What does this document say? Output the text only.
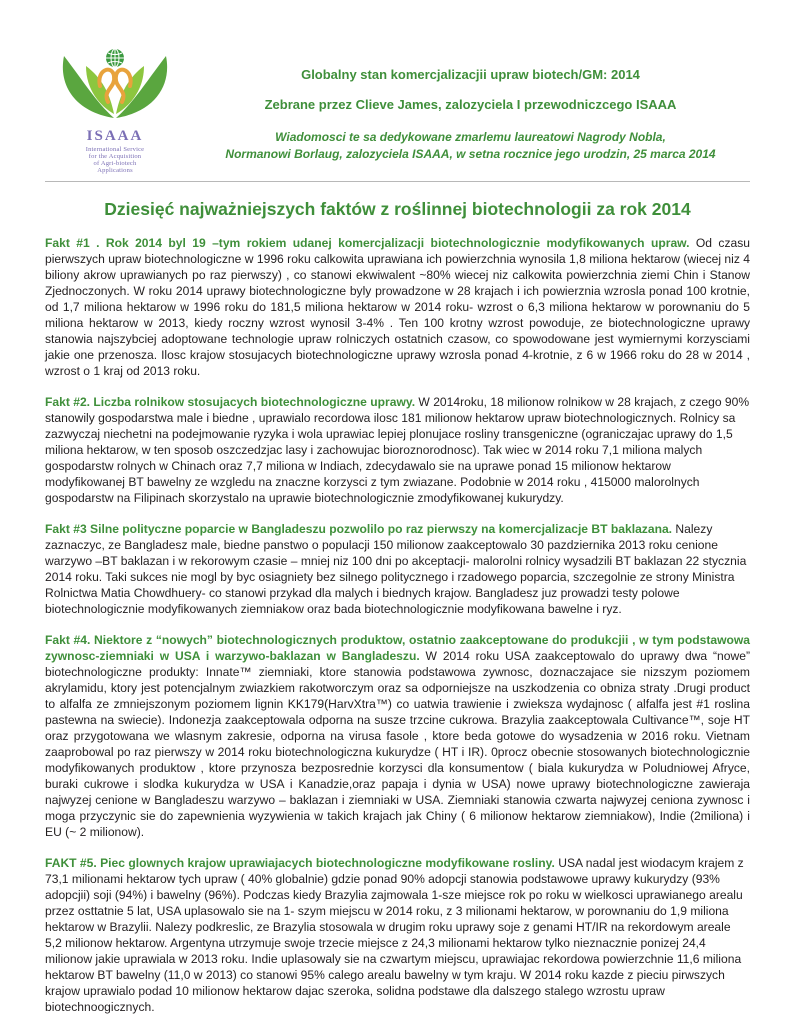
ISAAA
International Service
for the Acquisition
of Agri-biotech
Applications
Globalny stan komercjalizacjii upraw biotech/GM: 2014
Zebrane przez Clieve James, zalozyciela I przewodniczcego ISAAA
Wiadomosci te sa dedykowane zmarlemu laureatowi Nagrody Nobla,
Normanowi Borlaug, zalozyciela ISAAA, w setna rocznice jego urodzin, 25 marca 2014
Dziesięć najważniejszych faktów z roślinnej biotechnologii za rok 2014

Fakt #1 . Rok 2014 byl 19 –tym rokiem udanej komercjalizacji biotechnologicznie modyfikowanych upraw. Od czasu pierwszych upraw biotechnologiczne w 1996 roku calkowita uprawiana ich powierzchnia wynosila 1,8 miliona hektarow (wiecej niz 4 biliony akrow uprawianych po raz pierwszy) , co stanowi ekwiwalent ~80% wiecej niz calkowita powierzchnia ziemi Chin i Stanow Zjednoczonych. W roku 2014 uprawy biotechnologiczne byly prowadzone w 28 krajach i ich powierznia wzrosla ponad 100 krotnie, od 1,7 miliona hektarow w 1996 roku do 181,5 miliona hektarow w 2014 roku- wzrost o 6,3 miliona hektarow w porownaniu do 5 miliona hektarow w 2013, kiedy roczny wzrost wynosil 3-4% . Ten 100 krotny wzrost powoduje, ze biotechnologiczne uprawy stanowia najszybciej adoptowane technologie upraw rolniczych ostatnich czasow, co spowodowane jest wymiernymi korzysciami jakie one przenosza. Ilosc krajow stosujacych biotechnologiczne uprawy wzrosla ponad 4-krotnie, z 6 w 1966 roku do 28 w 2014 , wzrost o 1 kraj od 2013 roku.

Fakt #2. Liczba rolnikow stosujacych biotechnologiczne uprawy. W 2014roku, 18 milionow rolnikow w 28 krajach, z czego 90% stanowily gospodarstwa male i biedne , uprawialo recordowa ilosc 181 milionow hektarow upraw biotechnologicznych. Rolnicy sa zazwyczaj niechetni na podejmowanie ryzyka i wola uprawiac lepiej plonujace rosliny transgeniczne (ograniczajac uprawy do 1,5 miliona hektarow, w ten sposob oszczedzjac lasy i zachowujac bioroznorodnosc). Tak wiec w 2014 roku 7,1 miliona malych gospodarstw rolnych w Chinach oraz 7,7 miliona w Indiach, zdecydawalo sie na uprawe ponad 15 milionow hektarow modyfikowanej BT bawelny ze wzgledu na znaczne korzysci z tym zwiazane. Podobnie w 2014 roku , 415000 malorolnych gospodarstw na Filipinach skorzystalo na uprawie biotechnologicznie zmodyfikowanej kukurydzy.

Fakt #3 Silne polityczne poparcie w Bangladeszu pozwolilo po raz pierwszy na komercjalizacje BT baklazana. Nalezy zaznaczyc, ze Bangladesz male, biedne panstwo o populacji 150 milionow zaakceptowalo 30 pazdziernika 2013 roku cenione warzywo –BT baklazan i w rekorowym czasie – mniej niz 100 dni po akceptacji- malorolni rolnicy wysadzili BT baklazan 22 stycznia 2014 roku. Taki sukces nie mogl by byc osiagniety bez silnego politycznego i rzadowego poparcia, szczegolnie ze strony Ministra Rolnictwa Matia Chowdhuery- co stanowi przykad dla malych i biednych krajow. Bangladesz juz prowadzi testy polowe biotechnologicznie modyfikowanych ziemniakow oraz bada biotechnologicznie modyfikowana bawelne i ryz.

Fakt #4. Niektore z “nowych” biotechnologicznych produktow, ostatnio zaakceptowane do produkcjii , w tym podstawowa zywnosc-ziemniaki w USA i warzywo-baklazan w Bangladeszu. W 2014 roku USA zaakceptowalo do uprawy dwa “nowe” biotechnologiczne produkty: Innate™ ziemniaki, ktore stanowia podstawowa zywnosc, doznaczajace sie nizszym poziomem akrylamidu, ktory jest potencjalnym zwiazkiem rakotworczym oraz sa odporniejsze na uszkodzenia co obniza straty .Drugi product to alfalfa ze zmniejszonym poziomem lignin KK179(HarvXtra™) co uatwia trawienie i zwieksza wydajnosc ( alfalfa jest #1 roslina pastewna na swiecie). Indonezja zaakceptowala odporna na susze trzcine cukrowa. Brazylia zaakceptowala Cultivance™, soje HT oraz przygotowana we wlasnym zakresie, odporna na virusa fasole , ktore beda gotowe do wysadzenia w 2016 roku. Vietnam zaaprobowal po raz pierwszy w 2014 roku biotechnologiczna kukurydze ( HT i IR). 0procz obecnie stosowanych biotechnologicznie modyfikowanych produktow , ktore przynosza bezposrednie korzysci dla konsumentow ( biala kukurydza w Poludniowej Afryce, buraki cukrowe i slodka kukurydza w USA i Kanadzie,oraz papaja i dynia w USA) nowe uprawy biotechnologiczne zawieraja najwyzej cenione w Bangladeszu warzywo – baklazan i ziemniaki w USA. Ziemniaki stanowia czwarta najwyzej ceniona zywnosc i moga przyczynic sie do zapewnienia wyzywienia w takich krajach jak Chiny ( 6 milionow hektarow ziemniakow), Indie (2miliona) i EU (~ 2 milionow).

FAKT #5. Piec glownych krajow uprawiajacych biotechnologiczne modyfikowane rosliny. USA nadal jest wiodacym krajem z 73,1 milionami hektarow tych upraw ( 40% globalnie) gdzie ponad 90% adopcji stanowia podstawowe uprawy kukurydzy (93% adopcjii) soji (94%) i bawelny (96%). Podczas kiedy Brazylia zajmowala 1-sze miejsce rok po roku w wielkosci uprawianego arealu przez osttatnie 5 lat, USA uplasowalo sie na 1- szym miejscu w 2014 roku, z 3 milionami hektarow, w porownaniu do 1,9 miliona hektarow w Brazylii. Nalezy podkreslic, ze Brazylia stosowala w drugim roku uprawy soje z genami HT/IR na rekordowym areale 5,2 milionow hektarow. Argentyna utrzymuje swoje trzecie miejsce z 24,3 milionami hektarow tylko nieznacznie ponizej 24,4 milionow jakie uprawiala w 2013 roku. Indie uplasowaly sie na czwartym miejscu, uprawiajac rekordowa powierzchnie 11,6 miliona hektarow BT bawelny (11,0 w 2013) co stanowi 95% calego arealu bawelny w tym kraju. W 2014 roku kazde z pieciu pirwszych krajow uprawialo podad 10 milionow hektarow dajac szeroka, solidna podstawe dla dalszego stalego wzrostu upraw biotechnoogicznych.
